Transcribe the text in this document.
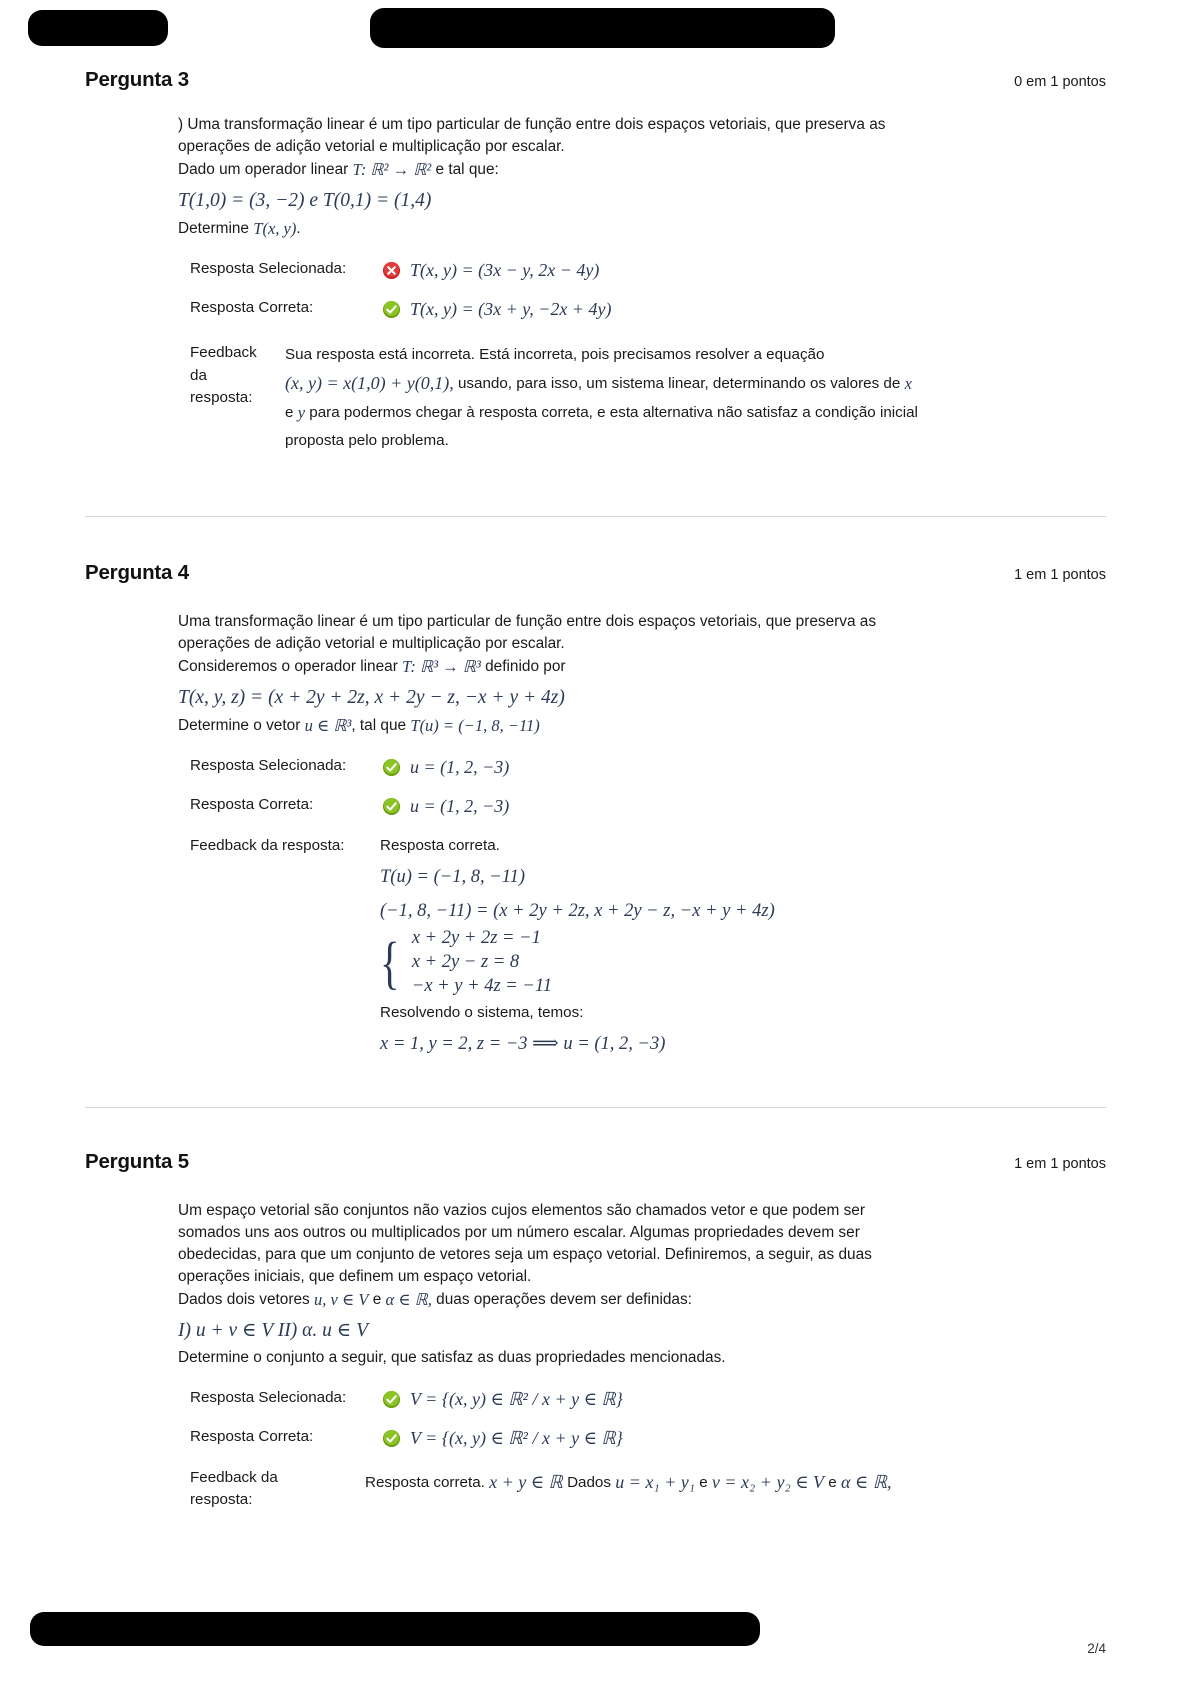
Pergunta 3	0 em 1 pontos

) Uma transformação linear é um tipo particular de função entre dois espaços vetoriais, que preserva as

operações de adição vetorial e multiplicação por escalar.

Dado um operador linear T: ℝ² → ℝ² e tal que:

T(1,0) = (3, −2) e T(0,1) = (1,4)

Determine T(x, y).

Resposta Selecionada:	T(x, y) = (3x − y, 2x − 4y)
Resposta Correta:	T(x, y) = (3x + y, −2x + 4y)
Feedback
da
resposta:

Sua resposta está incorreta. Está incorreta, pois precisamos resolver a equação

(x, y) = x(1,0) + y(0,1), usando, para isso, um sistema linear, determinando os valores de x

e y para podermos chegar à resposta correta, e esta alternativa não satisfaz a condição inicial

proposta pelo problema.

Pergunta 4	1 em 1 pontos

Uma transformação linear é um tipo particular de função entre dois espaços vetoriais, que preserva as

operações de adição vetorial e multiplicação por escalar.

Consideremos o operador linear T: ℝ³ → ℝ³ definido por

T(x, y, z) = (x + 2y + 2z, x + 2y − z, −x + y + 4z)

Determine o vetor u ∈ ℝ³, tal que T(u) = (−1, 8, −11)

Resposta Selecionada:	u = (1, 2, −3)
Resposta Correta:	u = (1, 2, −3)
Feedback da resposta:	Resposta correta.

T(u) = (−1, 8, −11)
(−1, 8, −11) = (x + 2y + 2z, x + 2y − z, −x + y + 4z)
{ x + 2y + 2z = −1
x + 2y − z = 8
−x + y + 4z = −11

Resolvendo o sistema, temos:

x = 1, y = 2, z = −3 ⟹ u = (1, 2, −3)
Pergunta 5	1 em 1 pontos

Um espaço vetorial são conjuntos não vazios cujos elementos são chamados vetor e que podem ser

somados uns aos outros ou multiplicados por um número escalar. Algumas propriedades devem ser

obedecidas, para que um conjunto de vetores seja um espaço vetorial. Definiremos, a seguir, as duas

operações iniciais, que definem um espaço vetorial.

Dados dois vetores u, v ∈ V e α ∈ ℝ, duas operações devem ser definidas:

I) u + v ∈ V II) α. u ∈ V

Determine o conjunto a seguir, que satisfaz as duas propriedades mencionadas.

Resposta Selecionada:	V = {(x, y) ∈ ℝ² / x + y ∈ ℝ}
Resposta Correta:	V = {(x, y) ∈ ℝ² / x + y ∈ ℝ}
Feedback da
resposta:

Resposta correta. x + y ∈ ℝ Dados u = x₁ + y₁ e v = x₂ + y₂ ∈ V e α ∈ ℝ,

2/4
